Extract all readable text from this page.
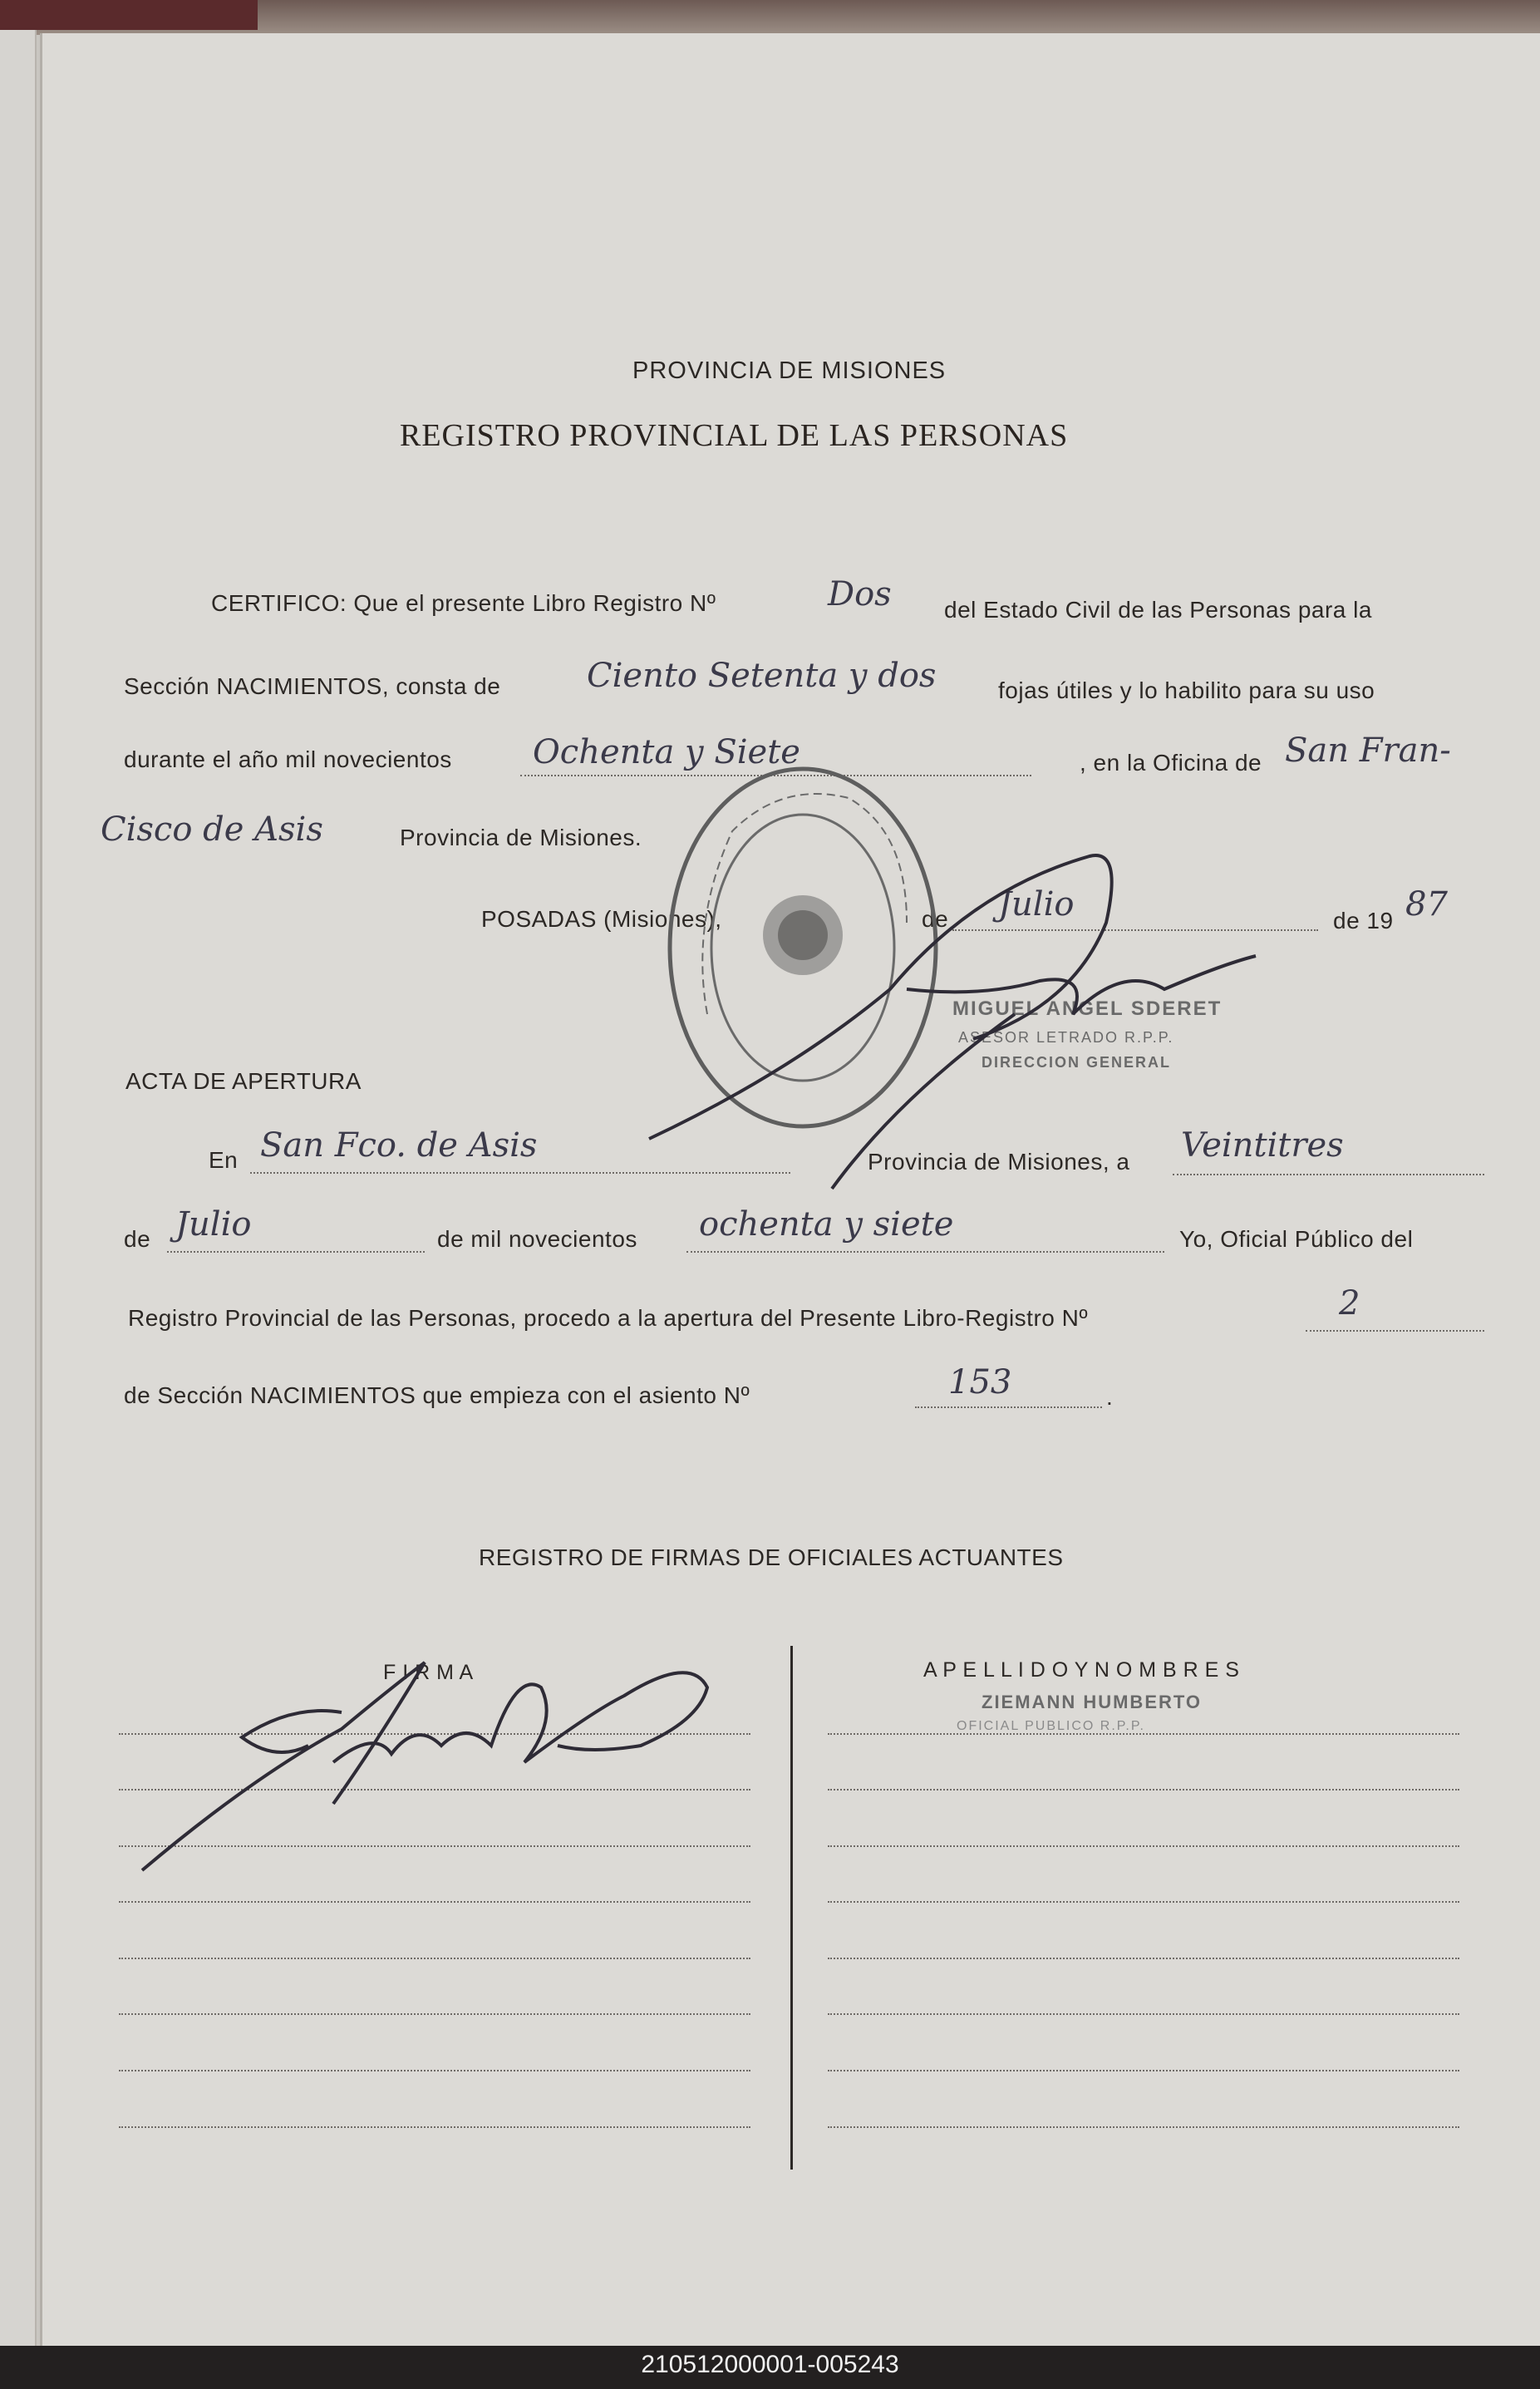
PROVINCIA DE MISIONES
REGISTRO PROVINCIAL DE LAS PERSONAS
CERTIFICO: Que el presente Libro Registro Nº	Dos del Estado Civil de las Personas para la
Sección NACIMIENTOS, consta de	Ciento Setenta y dos	fojas útiles y lo habilito para su uso
durante el año mil novecientos Ochenta y Siete	, en la Oficina de San Fran-
Cisco de Asis	Provincia de Misiones.
POSADAS (Misiones),	de Julio	de 19 87
MIGUEL ANGEL SDERET
ASESOR LETRADO R.P.P.
DIRECCION GENERAL
ACTA DE APERTURA
En San Fco. de Asis	Provincia de Misiones, a Veintitres
de Julio	de mil novecientos ochenta y siete	Yo, Oficial Público del
Registro Provincial de las Personas, procedo a la apertura del Presente Libro-Registro Nº	2
de Sección NACIMIENTOS que empieza con el asiento Nº	153	.
REGISTRO DE FIRMAS DE OFICIALES ACTUANTES
F I R M A	A P E L L I D O Y N O M B R E S
ZIEMANN HUMBERTO
OFICIAL PUBLICO R.P.P.
210512000001-005243
